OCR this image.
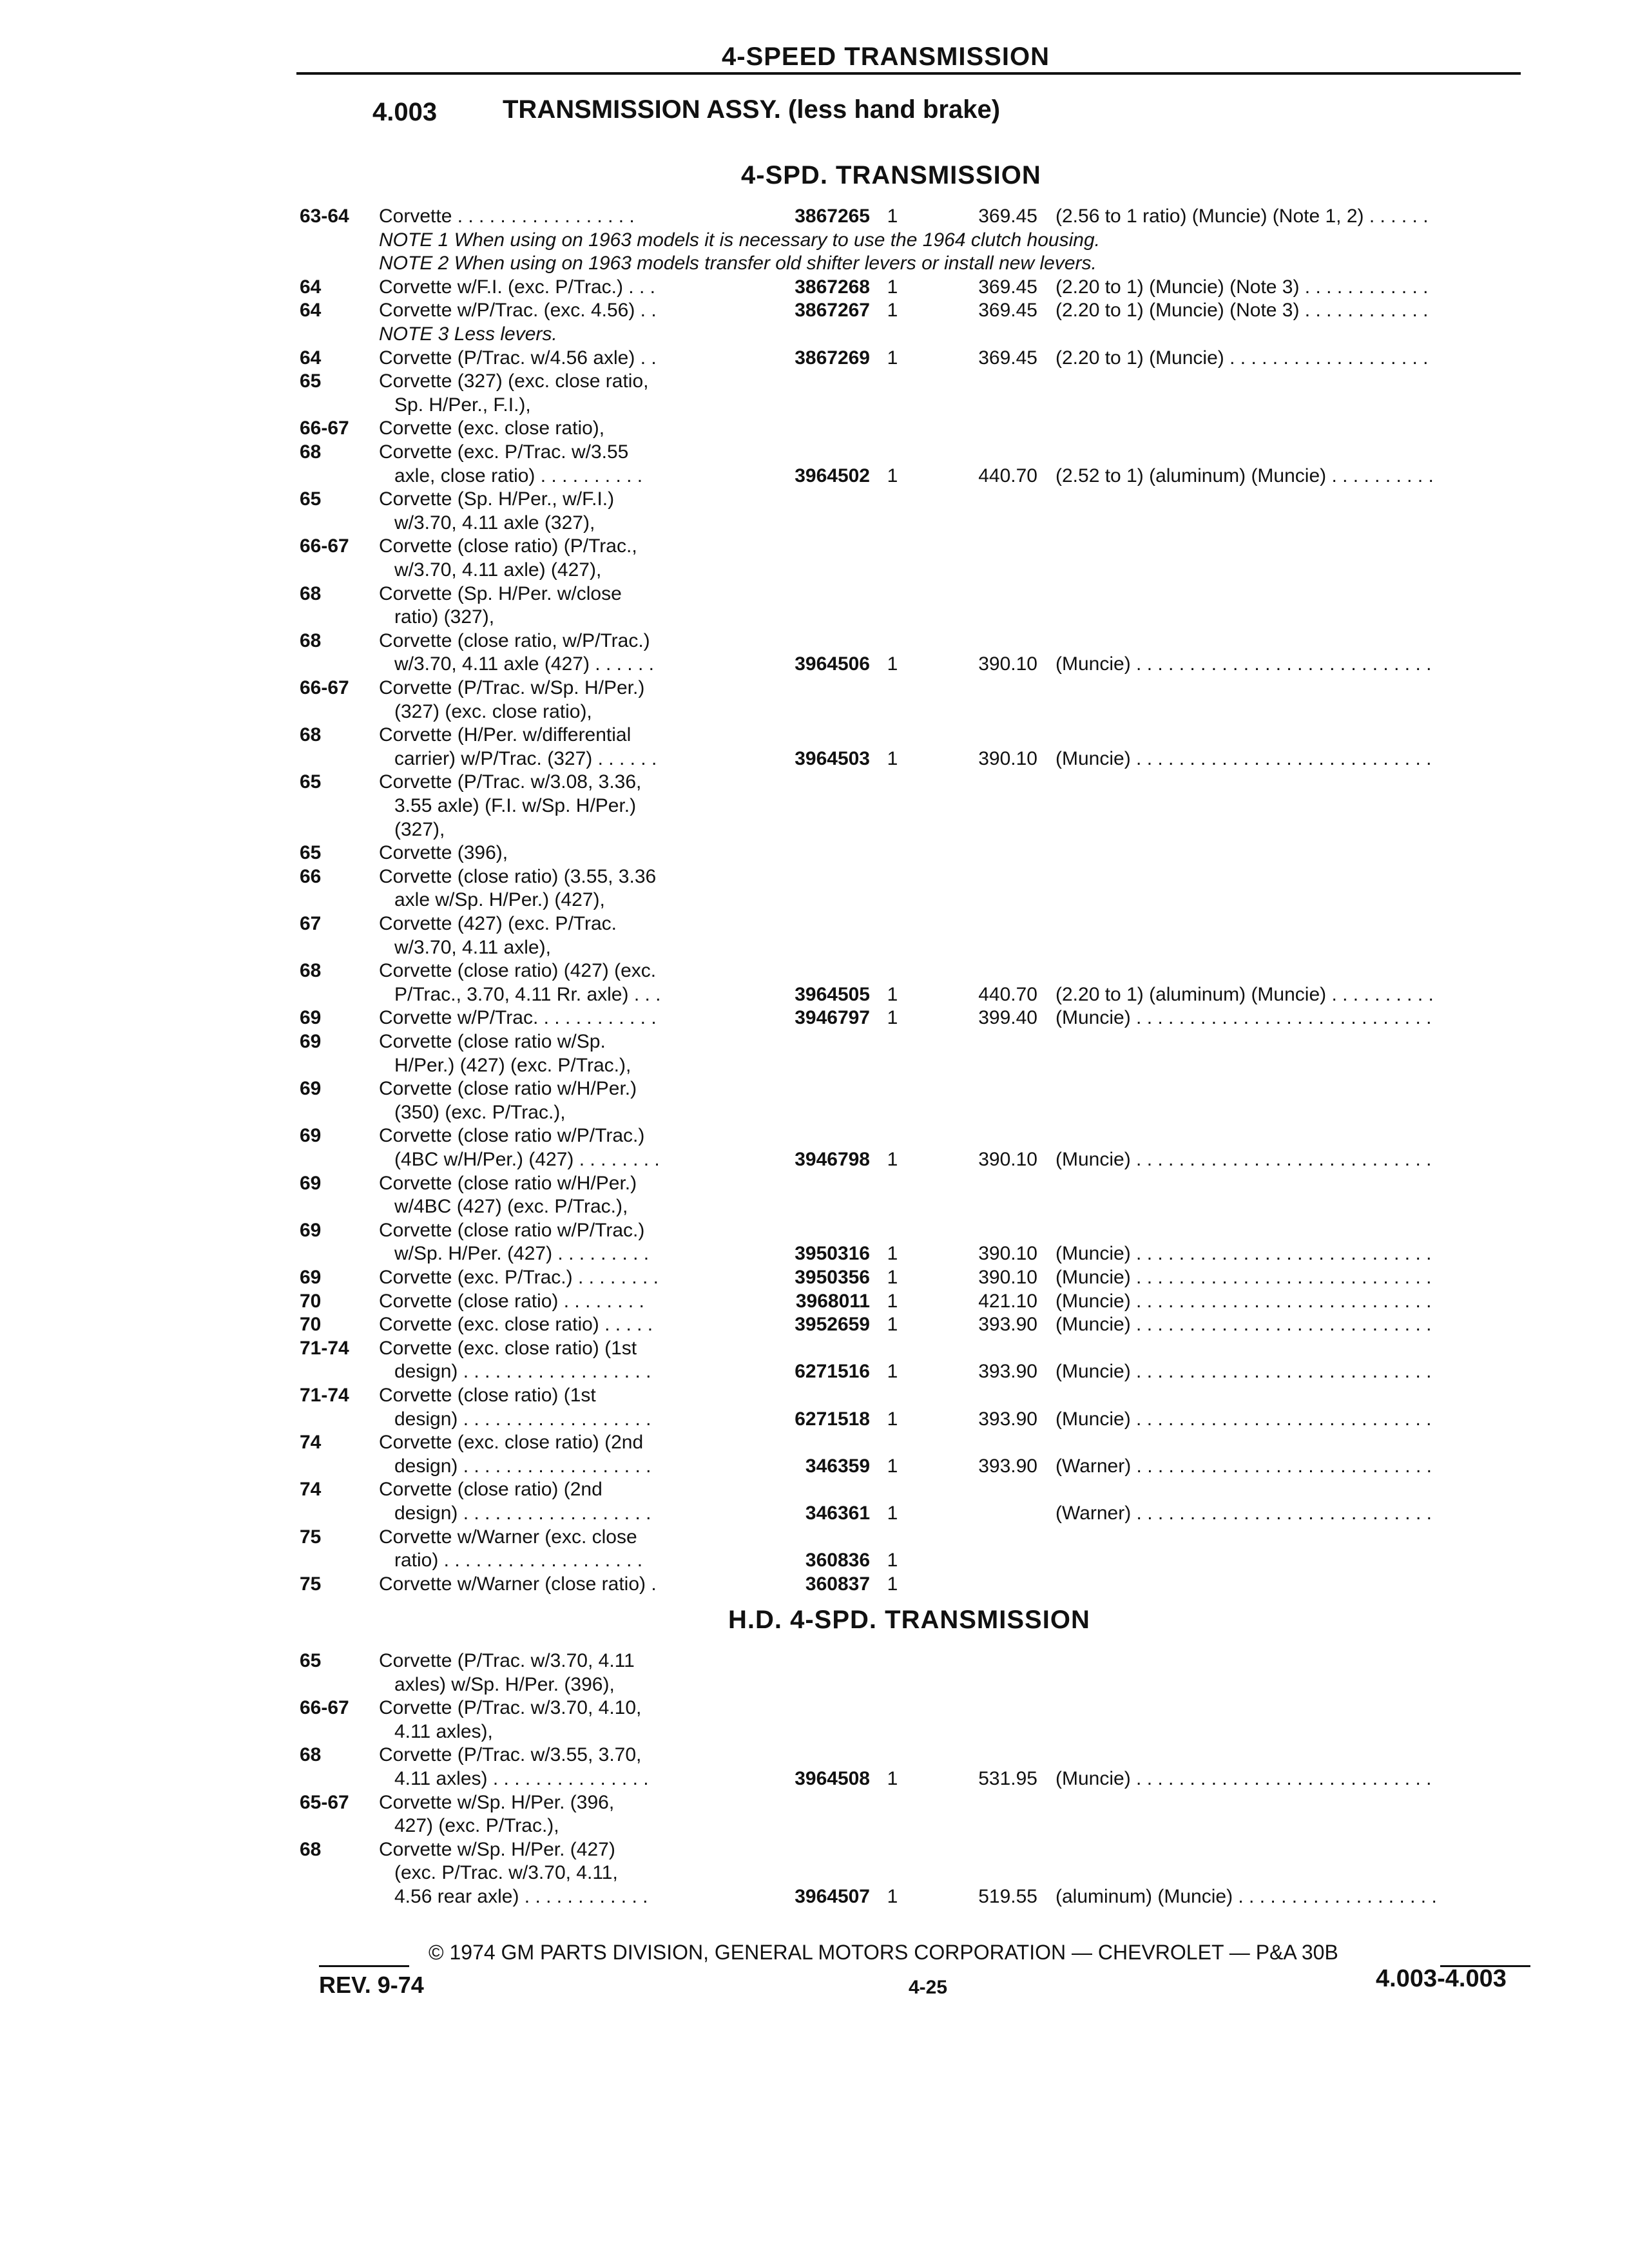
4-SPEED TRANSMISSION
4.003	TRANSMISSION ASSY. (less hand brake)
4-SPD. TRANSMISSION
63-64 Corvette . . . . . . . . . . . . . . . . .	3867265 1	369.45 (2.56 to 1 ratio) (Muncie) (Note 1, 2) . . . . . .
NOTE 1 When using on 1963 models it is necessary to use the 1964 clutch housing.
NOTE 2 When using on 1963 models transfer old shifter levers or install new levers.
64	Corvette w/F.I. (exc. P/Trac.) . . .	3867268 1	369.45 (2.20 to 1) (Muncie) (Note 3) . . . . . . . . . . . .
64	Corvette w/P/Trac. (exc. 4.56) . .	3867267 1	369.45 (2.20 to 1) (Muncie) (Note 3) . . . . . . . . . . . .
NOTE 3 Less levers.
64	Corvette (P/Trac. w/4.56 axle) . .	3867269 1	369.45 (2.20 to 1) (Muncie) . . . . . . . . . . . . . . . . . . .
65	Corvette (327) (exc. close ratio,
Sp. H/Per., F.I.),
66-67 Corvette (exc. close ratio),
68	Corvette (exc. P/Trac. w/3.55
axle, close ratio) . . . . . . . . . .	3964502 1	440.70 (2.52 to 1) (aluminum) (Muncie) . . . . . . . . . .
65	Corvette (Sp. H/Per., w/F.I.)
w/3.70, 4.11 axle (327),
66-67 Corvette (close ratio) (P/Trac.,
w/3.70, 4.11 axle) (427),
68	Corvette (Sp. H/Per. w/close
ratio) (327),
68	Corvette (close ratio, w/P/Trac.)
w/3.70, 4.11 axle (427) . . . . . .	3964506 1	390.10 (Muncie) . . . . . . . . . . . . . . . . . . . . . . . . . . . .
66-67 Corvette (P/Trac. w/Sp. H/Per.)
(327) (exc. close ratio),
68	Corvette (H/Per. w/differential
carrier) w/P/Trac. (327) . . . . . .	3964503 1	390.10 (Muncie) . . . . . . . . . . . . . . . . . . . . . . . . . . . .
65	Corvette (P/Trac. w/3.08, 3.36,
3.55 axle) (F.I. w/Sp. H/Per.)
(327),
65	Corvette (396),
66	Corvette (close ratio) (3.55, 3.36
axle w/Sp. H/Per.) (427),
67	Corvette (427) (exc. P/Trac.
w/3.70, 4.11 axle),
68	Corvette (close ratio) (427) (exc.
P/Trac., 3.70, 4.11 Rr. axle) . . .	3964505 1	440.70 (2.20 to 1) (aluminum) (Muncie) . . . . . . . . . .
69	Corvette w/P/Trac. . . . . . . . . . . .	3946797 1	399.40 (Muncie) . . . . . . . . . . . . . . . . . . . . . . . . . . . .
69	Corvette (close ratio w/Sp.
H/Per.) (427) (exc. P/Trac.),
69	Corvette (close ratio w/H/Per.)
(350) (exc. P/Trac.),
69	Corvette (close ratio w/P/Trac.)
(4BC w/H/Per.) (427) . . . . . . . .	3946798 1	390.10 (Muncie) . . . . . . . . . . . . . . . . . . . . . . . . . . . .
69	Corvette (close ratio w/H/Per.)
w/4BC (427) (exc. P/Trac.),
69	Corvette (close ratio w/P/Trac.)
w/Sp. H/Per. (427) . . . . . . . . .	3950316 1	390.10 (Muncie) . . . . . . . . . . . . . . . . . . . . . . . . . . . .
69	Corvette (exc. P/Trac.) . . . . . . . .	3950356 1	390.10 (Muncie) . . . . . . . . . . . . . . . . . . . . . . . . . . . .
70	Corvette (close ratio) . . . . . . . .	3968011 1	421.10 (Muncie) . . . . . . . . . . . . . . . . . . . . . . . . . . . .
70	Corvette (exc. close ratio) . . . . .	3952659 1	393.90 (Muncie) . . . . . . . . . . . . . . . . . . . . . . . . . . . .
71-74 Corvette (exc. close ratio) (1st
design) . . . . . . . . . . . . . . . . . .	6271516 1	393.90 (Muncie) . . . . . . . . . . . . . . . . . . . . . . . . . . . .
71-74 Corvette (close ratio) (1st
design) . . . . . . . . . . . . . . . . . .	6271518 1	393.90 (Muncie) . . . . . . . . . . . . . . . . . . . . . . . . . . . .
74	Corvette (exc. close ratio) (2nd
design) . . . . . . . . . . . . . . . . . .	346359 1	393.90 (Warner) . . . . . . . . . . . . . . . . . . . . . . . . . . . .
74	Corvette (close ratio) (2nd
design) . . . . . . . . . . . . . . . . . .	346361 1	(Warner) . . . . . . . . . . . . . . . . . . . . . . . . . . . .
75	Corvette w/Warner (exc. close
ratio) . . . . . . . . . . . . . . . . . . .	360836 1
75	Corvette w/Warner (close ratio) .	360837 1
H.D. 4-SPD. TRANSMISSION
65	Corvette (P/Trac. w/3.70, 4.11
axles) w/Sp. H/Per. (396),
66-67 Corvette (P/Trac. w/3.70, 4.10,
4.11 axles),
68	Corvette (P/Trac. w/3.55, 3.70,
4.11 axles) . . . . . . . . . . . . . . .	3964508 1	531.95 (Muncie) . . . . . . . . . . . . . . . . . . . . . . . . . . . .
65-67 Corvette w/Sp. H/Per. (396,
427) (exc. P/Trac.),
68	Corvette w/Sp. H/Per. (427)
(exc. P/Trac. w/3.70, 4.11,
4.56 rear axle) . . . . . . . . . . . .	3964507 1	519.55 (aluminum) (Muncie) . . . . . . . . . . . . . . . . . . .
© 1974 GM PARTS DIVISION, GENERAL MOTORS CORPORATION — CHEVROLET — P&A 30B
REV. 9-74	4-25	4.003-4.003
